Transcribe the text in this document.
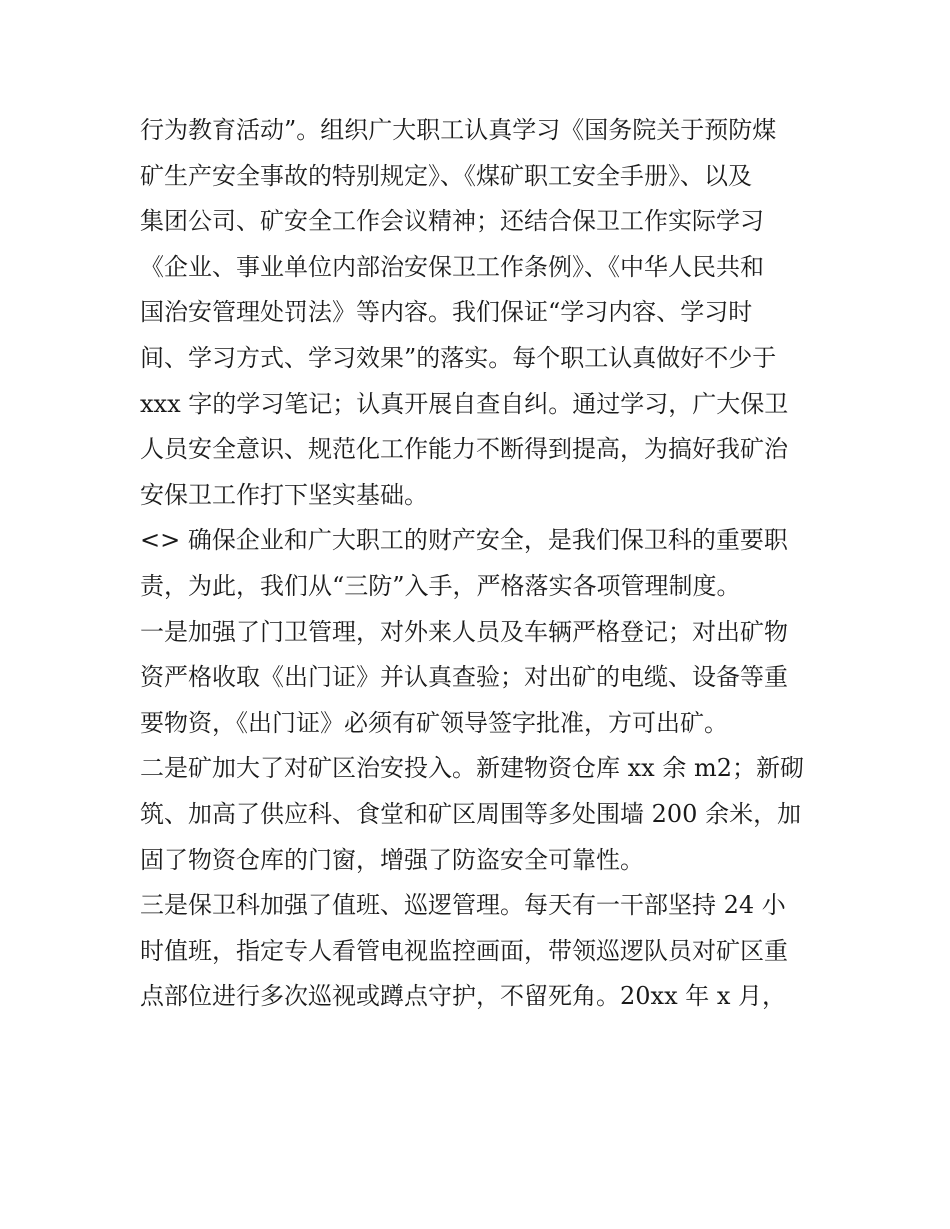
行为教育活动”。组织广大职工认真学习《国务院关于预防煤
矿生产安全事故的特别规定》、《煤矿职工安全手册》、以及
集团公司、矿安全工作会议精神；还结合保卫工作实际学习
《企业、事业单位内部治安保卫工作条例》、《中华人民共和
国治安管理处罚法》等内容。我们保证“学习内容、学习时
间、学习方式、学习效果”的落实。每个职工认真做好不少于
xxx 字的学习笔记；认真开展自查自纠。通过学习，广大保卫
人员安全意识、规范化工作能力不断得到提高，为搞好我矿治
安保卫工作打下坚实基础。
<> 确保企业和广大职工的财产安全，是我们保卫科的重要职
责，为此，我们从“三防”入手，严格落实各项管理制度。
一是加强了门卫管理，对外来人员及车辆严格登记；对出矿物
资严格收取《出门证》并认真查验；对出矿的电缆、设备等重
要物资，《出门证》必须有矿领导签字批准，方可出矿。
二是矿加大了对矿区治安投入。新建物资仓库 xx 余 m2；新砌
筑、加高了供应科、食堂和矿区周围等多处围墙 200 余米，加
固了物资仓库的门窗，增强了防盗安全可靠性。
三是保卫科加强了值班、巡逻管理。每天有一干部坚持 24 小
时值班，指定专人看管电视监控画面，带领巡逻队员对矿区重
点部位进行多次巡视或蹲点守护，不留死角。20xx 年 x 月，
